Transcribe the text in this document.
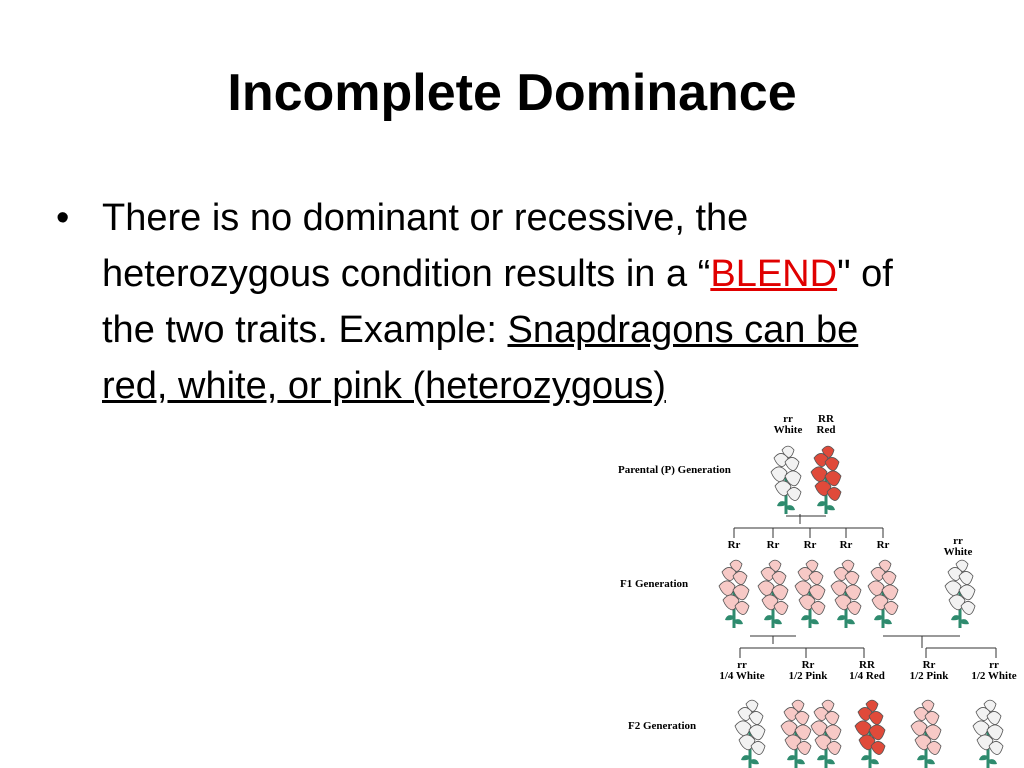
Incomplete Dominance
• There is no dominant or recessive, the heterozygous condition results in a “BLEND" of the two traits. Example: Snapdragons can be red, white, or pink (heterozygous)
Parental (P) Generation
F1 Generation
F2 Generation
rr
White
RR
Red
Rr	Rr	Rr	Rr	Rr	rr
White
rr
1/4 White
Rr
1/2 Pink
RR
1/4 Red
Rr
1/2 Pink
rr
1/2 White
